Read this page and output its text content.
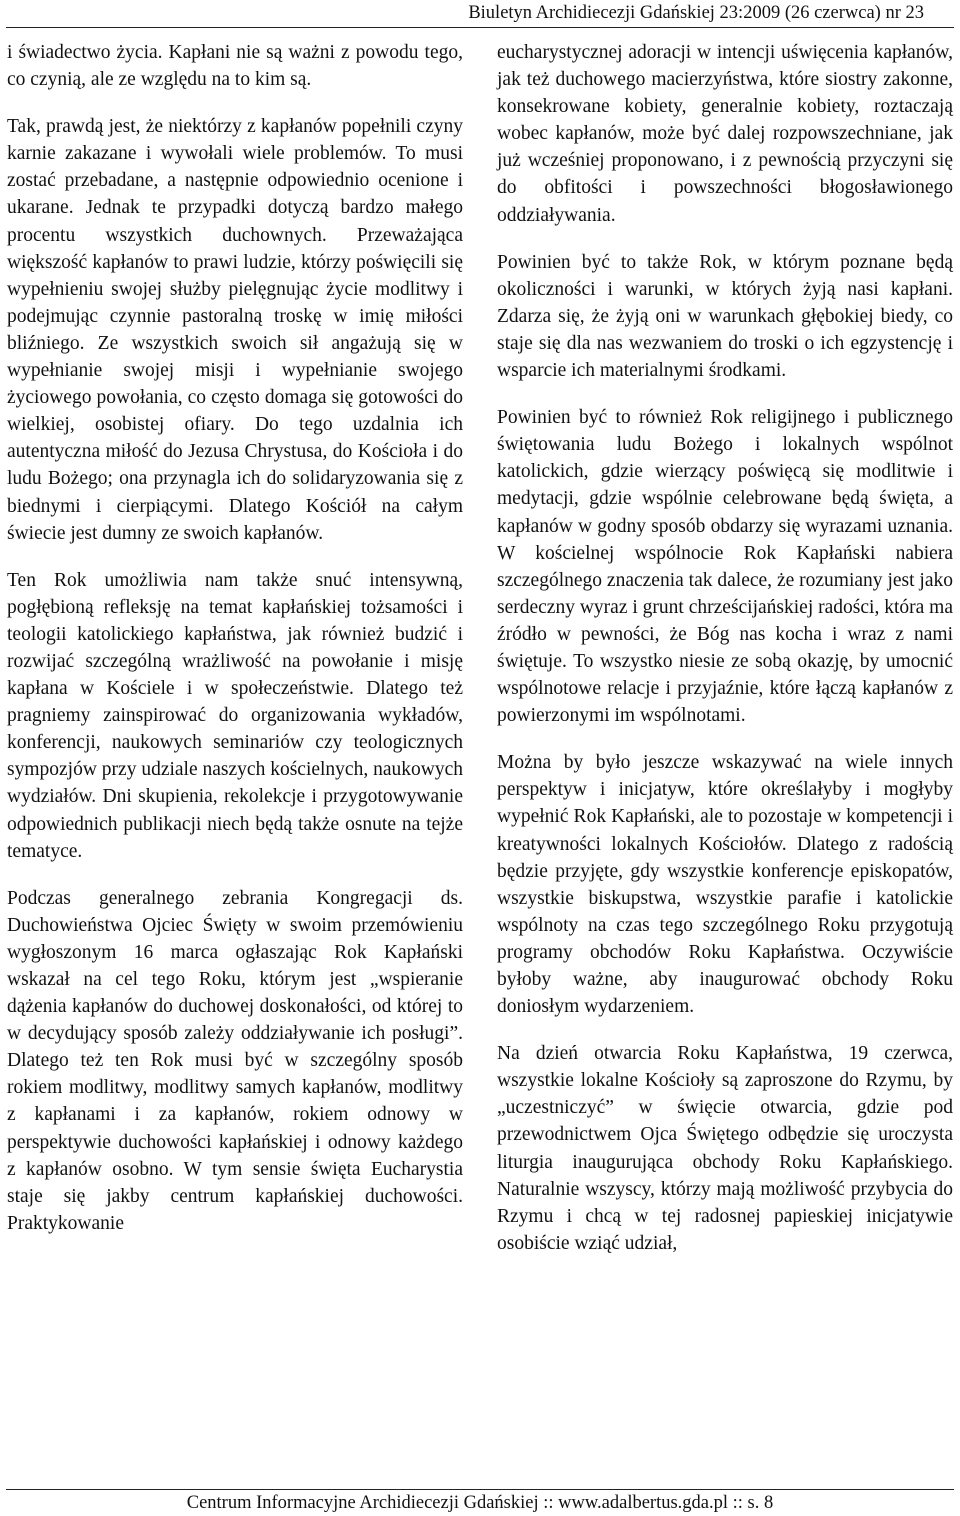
Biuletyn Archidiecezji Gdańskiej 23:2009 (26 czerwca) nr 23

i świadectwo życia. Kapłani nie są ważni z powodu tego, co czynią, ale ze względu na to kim są.

Tak, prawdą jest, że niektórzy z kapłanów popełnili czyny karnie zakazane i wywołali wiele problemów. To musi zostać przebadane, a następnie odpowiednio ocenione i ukarane. Jednak te przypadki dotyczą bardzo małego procentu wszystkich duchownych. Przeważająca większość kapłanów to prawi ludzie, którzy poświęcili się wypełnieniu swojej służby pielęgnując życie modlitwy i podejmując czynnie pastoralną troskę w imię miłości bliźniego. Ze wszystkich swoich sił angażują się w wypełnianie swojej misji i wypełnianie swojego życiowego powołania, co często domaga się gotowości do wielkiej, osobistej ofiary. Do tego uzdalnia ich autentyczna miłość do Jezusa Chrystusa, do Kościoła i do ludu Bożego; ona przynagla ich do solidaryzowania się z biednymi i cierpiącymi. Dlatego Kościół na całym świecie jest dumny ze swoich kapłanów.

Ten Rok umożliwia nam także snuć intensywną, pogłębioną refleksję na temat kapłańskiej tożsamości i teologii katolickiego kapłaństwa, jak również budzić i rozwijać szczególną wrażliwość na powołanie i misję kapłana w Kościele i w społeczeństwie. Dlatego też pragniemy zainspirować do organizowania wykładów, konferencji, naukowych seminariów czy teologicznych sympozjów przy udziale naszych kościelnych, naukowych wydziałów. Dni skupienia, rekolekcje i przygotowywanie odpowiednich publikacji niech będą także osnute na tejże tematyce.

Podczas generalnego zebrania Kongregacji ds. Duchowieństwa Ojciec Święty w swoim przemówieniu wygłoszonym 16 marca ogłaszając Rok Kapłański wskazał na cel tego Roku, którym jest „wspieranie dążenia kapłanów do duchowej doskonałości, od której to w decydujący sposób zależy oddziaływanie ich posługi”. Dlatego też ten Rok musi być w szczególny sposób rokiem modlitwy, modlitwy samych kapłanów, modlitwy z kapłanami i za kapłanów, rokiem odnowy w perspektywie duchowości kapłańskiej i odnowy każdego z kapłanów osobno. W tym sensie święta Eucharystia staje się jakby centrum kapłańskiej duchowości. Praktykowanie

eucharystycznej adoracji w intencji uświęcenia kapłanów, jak też duchowego macierzyństwa, które siostry zakonne, konsekrowane kobiety, generalnie kobiety, roztaczają wobec kapłanów, może być dalej rozpowszechniane, jak już wcześniej proponowano, i z pewnością przyczyni się do obfitości i powszechności błogosławionego oddziaływania.

Powinien być to także Rok, w którym poznane będą okoliczności i warunki, w których żyją nasi kapłani. Zdarza się, że żyją oni w warunkach głębokiej biedy, co staje się dla nas wezwaniem do troski o ich egzystencję i wsparcie ich materialnymi środkami.

Powinien być to również Rok religijnego i publicznego świętowania ludu Bożego i lokalnych wspólnot katolickich, gdzie wierzący poświęcą się modlitwie i medytacji, gdzie wspólnie celebrowane będą święta, a kapłanów w godny sposób obdarzy się wyrazami uznania. W kościelnej wspólnocie Rok Kapłański nabiera szczególnego znaczenia tak dalece, że rozumiany jest jako serdeczny wyraz i grunt chrześcijańskiej radości, która ma źródło w pewności, że Bóg nas kocha i wraz z nami świętuje. To wszystko niesie ze sobą okazję, by umocnić wspólnotowe relacje i przyjaźnie, które łączą kapłanów z powierzonymi im wspólnotami.

Można by było jeszcze wskazywać na wiele innych perspektyw i inicjatyw, które określałyby i mogłyby wypełnić Rok Kapłański, ale to pozostaje w kompetencji i kreatywności lokalnych Kościołów. Dlatego z radością będzie przyjęte, gdy wszystkie konferencje episkopatów, wszystkie biskupstwa, wszystkie parafie i katolickie wspólnoty na czas tego szczególnego Roku przygotują programy obchodów Roku Kapłaństwa. Oczywiście byłoby ważne, aby inaugurować obchody Roku doniosłym wydarzeniem.

Na dzień otwarcia Roku Kapłaństwa, 19 czerwca, wszystkie lokalne Kościoły są zaproszone do Rzymu, by „uczestniczyć” w święcie otwarcia, gdzie pod przewodnictwem Ojca Świętego odbędzie się uroczysta liturgia inaugurująca obchody Roku Kapłańskiego. Naturalnie wszyscy, którzy mają możliwość przybycia do Rzymu i chcą w tej radosnej papieskiej inicjatywie osobiście wziąć udział,

Centrum Informacyjne Archidiecezji Gdańskiej :: www.adalbertus.gda.pl :: s. 8
